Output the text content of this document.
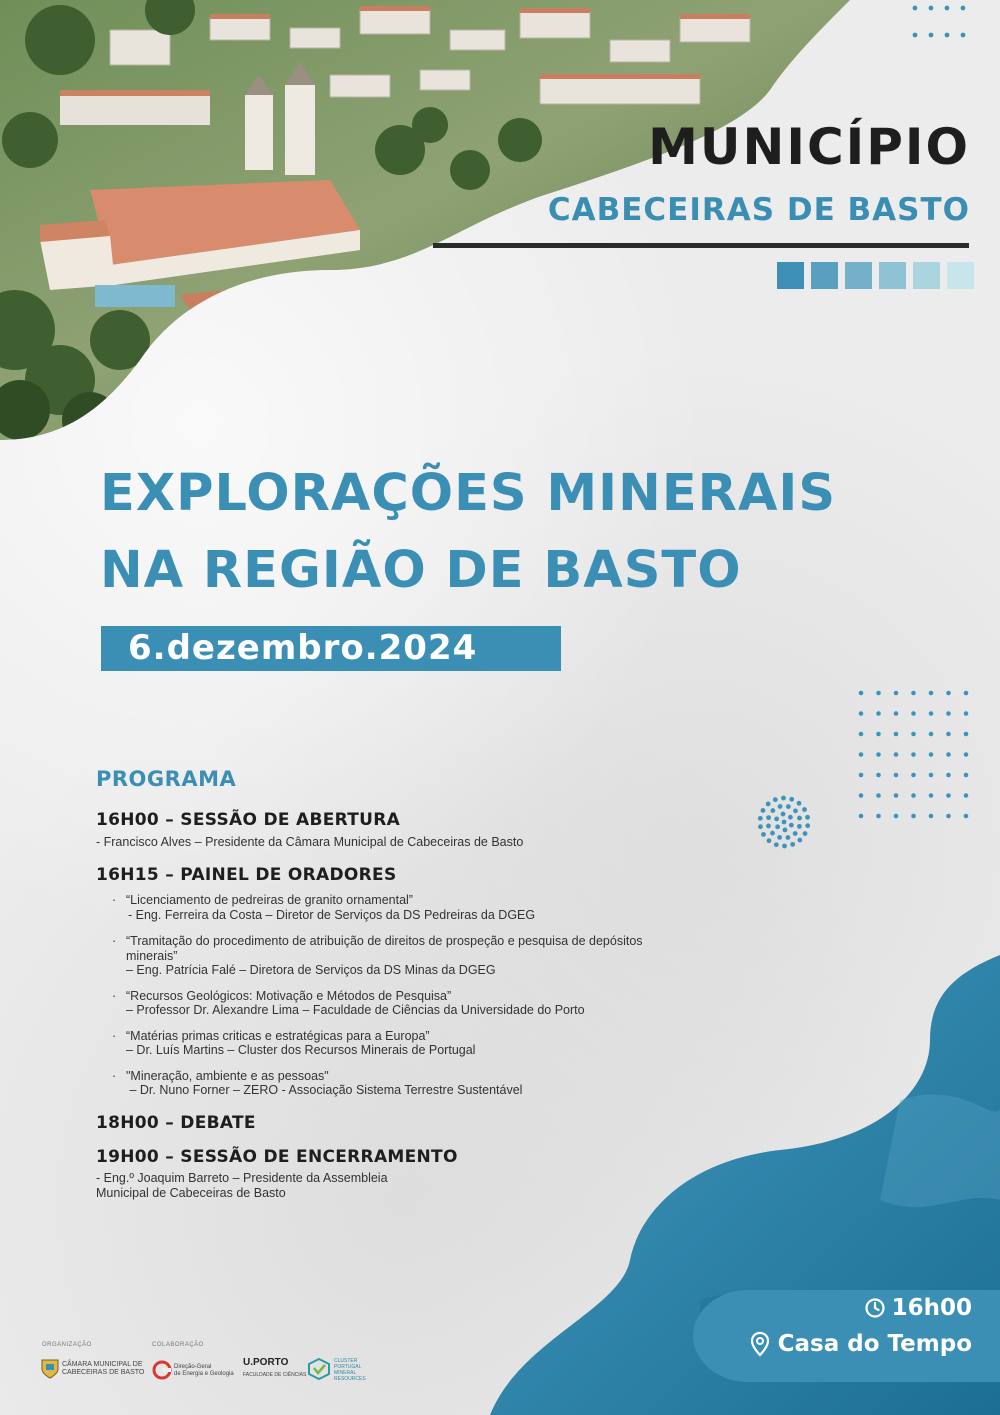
MUNICÍPIO
CABECEIRAS DE BASTO
EXPLORAÇÕES MINERAIS
NA REGIÃO DE BASTO
6.dezembro.2024
PROGRAMA
16H00 – SESSÃO DE ABERTURA
- Francisco Alves – Presidente da Câmara Municipal de Cabeceiras de Basto
16H15 – PAINEL DE ORADORES
· “Licenciamento de pedreiras de granito ornamental”
- Eng. Ferreira da Costa – Diretor de Serviços da DS Pedreiras da DGEG
· “Tramitação do procedimento de atribuição de direitos de prospeção e pesquisa de depósitos minerais”
– Eng. Patrícia Falé – Diretora de Serviços da DS Minas da DGEG
· “Recursos Geológicos: Motivação e Métodos de Pesquisa”
– Professor Dr. Alexandre Lima – Faculdade de Ciências da Universidade do Porto
· “Matérias primas criticas e estratégicas para a Europa”
– Dr. Luís Martins – Cluster dos Recursos Minerais de Portugal
· "Mineração, ambiente e as pessoas"
– Dr. Nuno Forner – ZERO - Associação Sistema Terrestre Sustentável
18H00 – DEBATE
19H00 – SESSÃO DE ENCERRAMENTO
- Eng.º Joaquim Barreto – Presidente da Assembleia
Municipal de Cabeceiras de Basto
16h00
Casa do Tempo
ORGANIZAÇÃO	COLABORAÇÃO
CÂMARA MUNICIPAL DE
CABECEIRAS DE BASTO
Direção-Geral
de Energia e Geologia
U.PORTO
FACULDADE DE CIÊNCIAS
CLUSTER
PORTUGAL
MINERAL
RESOURCES
